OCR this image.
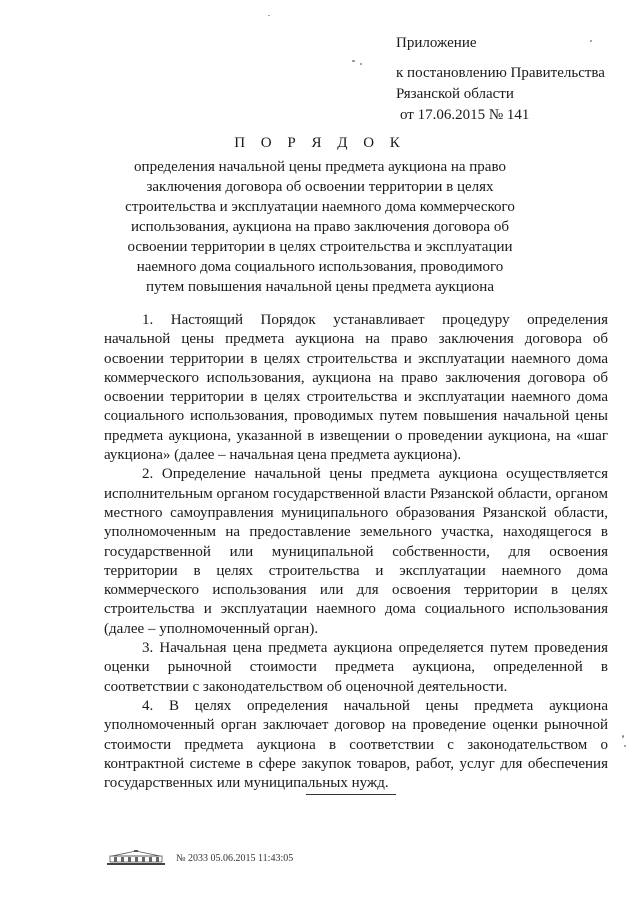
Приложение
к постановлению Правительства
Рязанской области
от 17.06.2015 № 141
П О Р Я Д О К
определения начальной цены предмета аукциона на право заключения договора об освоении территории в целях строительства и эксплуатации наемного дома коммерческого использования, аукциона на право заключения договора об освоении территории в целях строительства и эксплуатации наемного дома социального использования, проводимого путем повышения начальной цены предмета аукциона

1. Настоящий Порядок устанавливает процедуру определения начальной цены предмета аукциона на право заключения договора об освоении территории в целях строительства и эксплуатации наемного дома коммерческого использования, аукциона на право заключения договора об освоении территории в целях строительства и эксплуатации наемного дома социального использования, проводимых путем повышения начальной цены предмета аукциона, указанной в извещении о проведении аукциона, на «шаг аукциона» (далее – начальная цена предмета аукциона).

2. Определение начальной цены предмета аукциона осуществляется исполнительным органом государственной власти Рязанской области, органом местного самоуправления муниципального образования Рязанской области, уполномоченным на предоставление земельного участка, находящегося в государственной или муниципальной собственности, для освоения территории в целях строительства и эксплуатации наемного дома коммерческого использования или для освоения территории в целях строительства и эксплуатации наемного дома социального использования (далее – уполномоченный орган).

3. Начальная цена предмета аукциона определяется путем проведения оценки рыночной стоимости предмета аукциона, определенной в соответствии с законодательством об оценочной деятельности.

4. В целях определения начальной цены предмета аукциона уполномоченный орган заключает договор на проведение оценки рыночной стоимости предмета аукциона в соответствии с законодательством о контрактной системе в сфере закупок товаров, работ, услуг для обеспечения государственных или муниципальных нужд.

№ 2033 05.06.2015 11:43:05
